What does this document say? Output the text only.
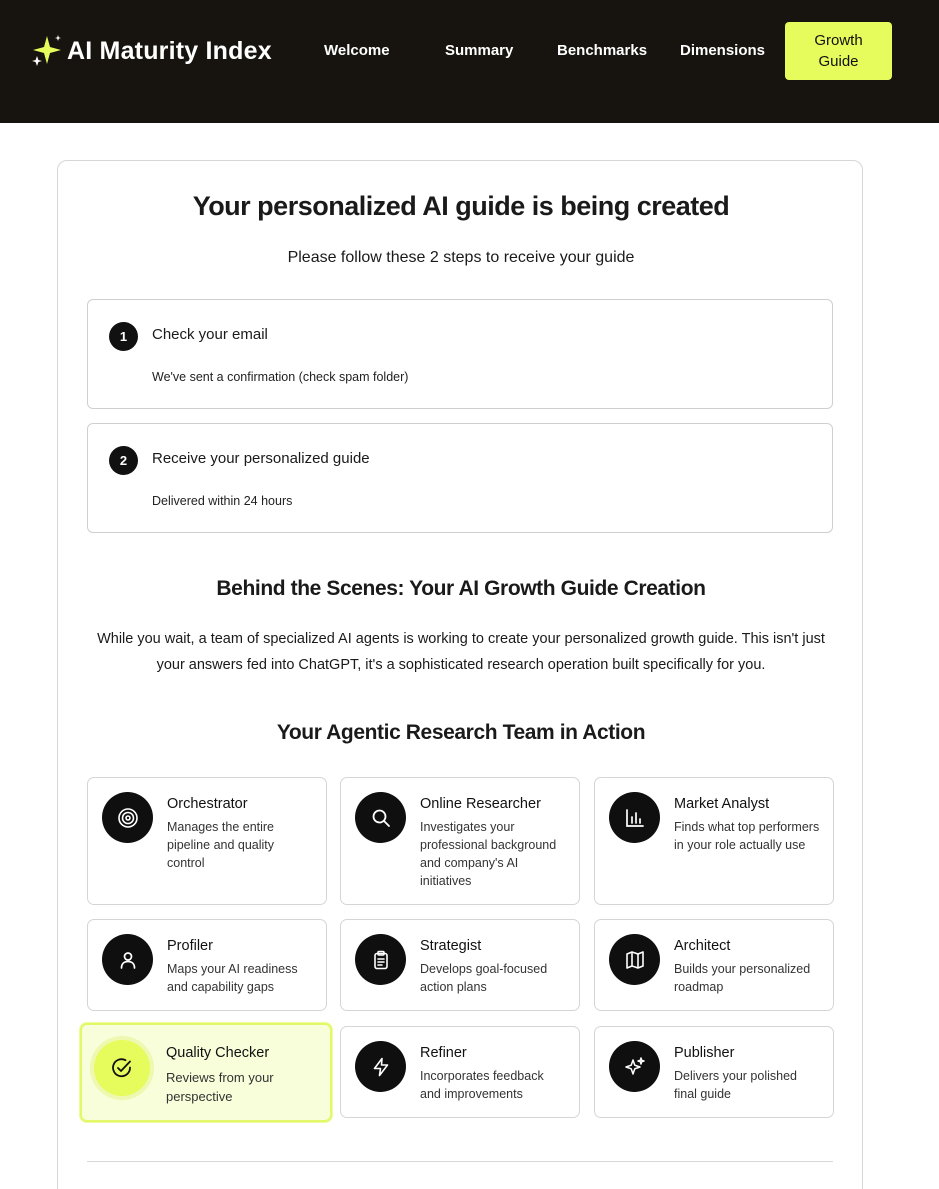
AI Maturity Index	Welcome	Summary	Benchmarks Dimensions
Growth
Guide
Your personalized AI guide is being created
Please follow these 2 steps to receive your guide
1	Check your email
We've sent a confirmation (check spam folder)
2	Receive your personalized guide
Delivered within 24 hours
Behind the Scenes: Your AI Growth Guide Creation
While you wait, a team of specialized AI agents is working to create your personalized growth guide. This isn't just your answers fed into ChatGPT, it's a sophisticated research operation built specifically for you.
Your Agentic Research Team in Action
Orchestrator
Manages the entire pipeline and quality control
Online Researcher
Investigates your professional background and company's AI initiatives
Market Analyst
Finds what top performers in your role actually use
Profiler
Maps your AI readiness and capability gaps
Strategist
Develops goal-focused action plans
Architect
Builds your personalized roadmap
Quality Checker
Reviews from your perspective
Refiner
Incorporates feedback and improvements
Publisher
Delivers your polished final guide
